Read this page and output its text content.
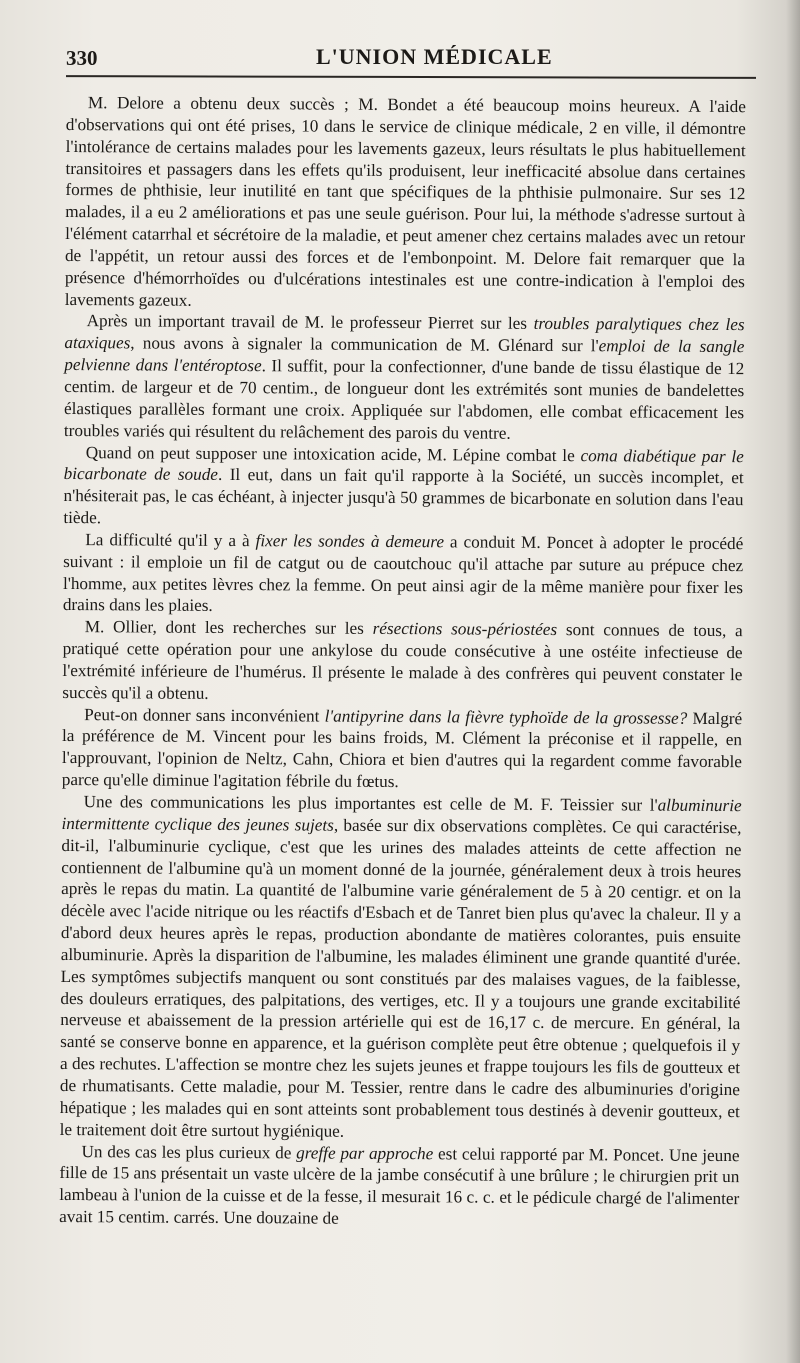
330	L'UNION MÉDICALE

M. Delore a obtenu deux succès ; M. Bondet a été beaucoup moins heureux. A l'aide d'observations qui ont été prises, 10 dans le service de clinique médicale, 2 en ville, il démontre l'intolérance de certains malades pour les lavements gazeux, leurs résultats le plus habituellement transitoires et passagers dans les effets qu'ils produisent, leur inefficacité absolue dans certaines formes de phthisie, leur inutilité en tant que spécifiques de la phthisie pulmonaire. Sur ses 12 malades, il a eu 2 améliorations et pas une seule guérison. Pour lui, la méthode s'adresse surtout à l'élément catarrhal et sécrétoire de la maladie, et peut amener chez certains malades avec un retour de l'appétit, un retour aussi des forces et de l'embonpoint. M. Delore fait remarquer que la présence d'hémorrhoïdes ou d'ulcérations intestinales est une contre-indication à l'emploi des lavements gazeux.

Après un important travail de M. le professeur Pierret sur les troubles paralytiques chez les ataxiques, nous avons à signaler la communication de M. Glénard sur l'emploi de la sangle pelvienne dans l'entéroptose. Il suffit, pour la confectionner, d'une bande de tissu élastique de 12 centim. de largeur et de 70 centim., de longueur dont les extrémités sont munies de bandelettes élastiques parallèles formant une croix. Appliquée sur l'abdomen, elle combat efficacement les troubles variés qui résultent du relâchement des parois du ventre.

Quand on peut supposer une intoxication acide, M. Lépine combat le coma diabétique par le bicarbonate de soude. Il eut, dans un fait qu'il rapporte à la Société, un succès incomplet, et n'hésiterait pas, le cas échéant, à injecter jusqu'à 50 grammes de bicarbonate en solution dans l'eau tiède.

La difficulté qu'il y a à fixer les sondes à demeure a conduit M. Poncet à adopter le procédé suivant : il emploie un fil de catgut ou de caoutchouc qu'il attache par suture au prépuce chez l'homme, aux petites lèvres chez la femme. On peut ainsi agir de la même manière pour fixer les drains dans les plaies.

M. Ollier, dont les recherches sur les résections sous-périostées sont connues de tous, a pratiqué cette opération pour une ankylose du coude consécutive à une ostéite infectieuse de l'extrémité inférieure de l'humérus. Il présente le malade à des confrères qui peuvent constater le succès qu'il a obtenu.

Peut-on donner sans inconvénient l'antipyrine dans la fièvre typhoïde de la grossesse? Malgré la préférence de M. Vincent pour les bains froids, M. Clément la préconise et il rappelle, en l'approuvant, l'opinion de Neltz, Cahn, Chiora et bien d'autres qui la regardent comme favorable parce qu'elle diminue l'agitation fébrile du fœtus.

Une des communications les plus importantes est celle de M. F. Teissier sur l'albuminurie intermittente cyclique des jeunes sujets, basée sur dix observations complètes. Ce qui caractérise, dit-il, l'albuminurie cyclique, c'est que les urines des malades atteints de cette affection ne contiennent de l'albumine qu'à un moment donné de la journée, généralement deux à trois heures après le repas du matin. La quantité de l'albumine varie généralement de 5 à 20 centigr. et on la décèle avec l'acide nitrique ou les réactifs d'Esbach et de Tanret bien plus qu'avec la chaleur. Il y a d'abord deux heures après le repas, production abondante de matières colorantes, puis ensuite albuminurie. Après la disparition de l'albumine, les malades éliminent une grande quantité d'urée. Les symptômes subjectifs manquent ou sont constitués par des malaises vagues, de la faiblesse, des douleurs erratiques, des palpitations, des vertiges, etc. Il y a toujours une grande excitabilité nerveuse et abaissement de la pression artérielle qui est de 16,17 c. de mercure. En général, la santé se conserve bonne en apparence, et la guérison complète peut être obtenue ; quelquefois il y a des rechutes. L'affection se montre chez les sujets jeunes et frappe toujours les fils de goutteux et de rhumatisants. Cette maladie, pour M. Tessier, rentre dans le cadre des albuminuries d'origine hépatique ; les malades qui en sont atteints sont probablement tous destinés à devenir goutteux, et le traitement doit être surtout hygiénique.

Un des cas les plus curieux de greffe par approche est celui rapporté par M. Poncet. Une jeune fille de 15 ans présentait un vaste ulcère de la jambe consécutif à une brûlure ; le chirurgien prit un lambeau à l'union de la cuisse et de la fesse, il mesurait 16 c. c. et le pédicule chargé de l'alimenter avait 15 centim. carrés. Une douzaine de
